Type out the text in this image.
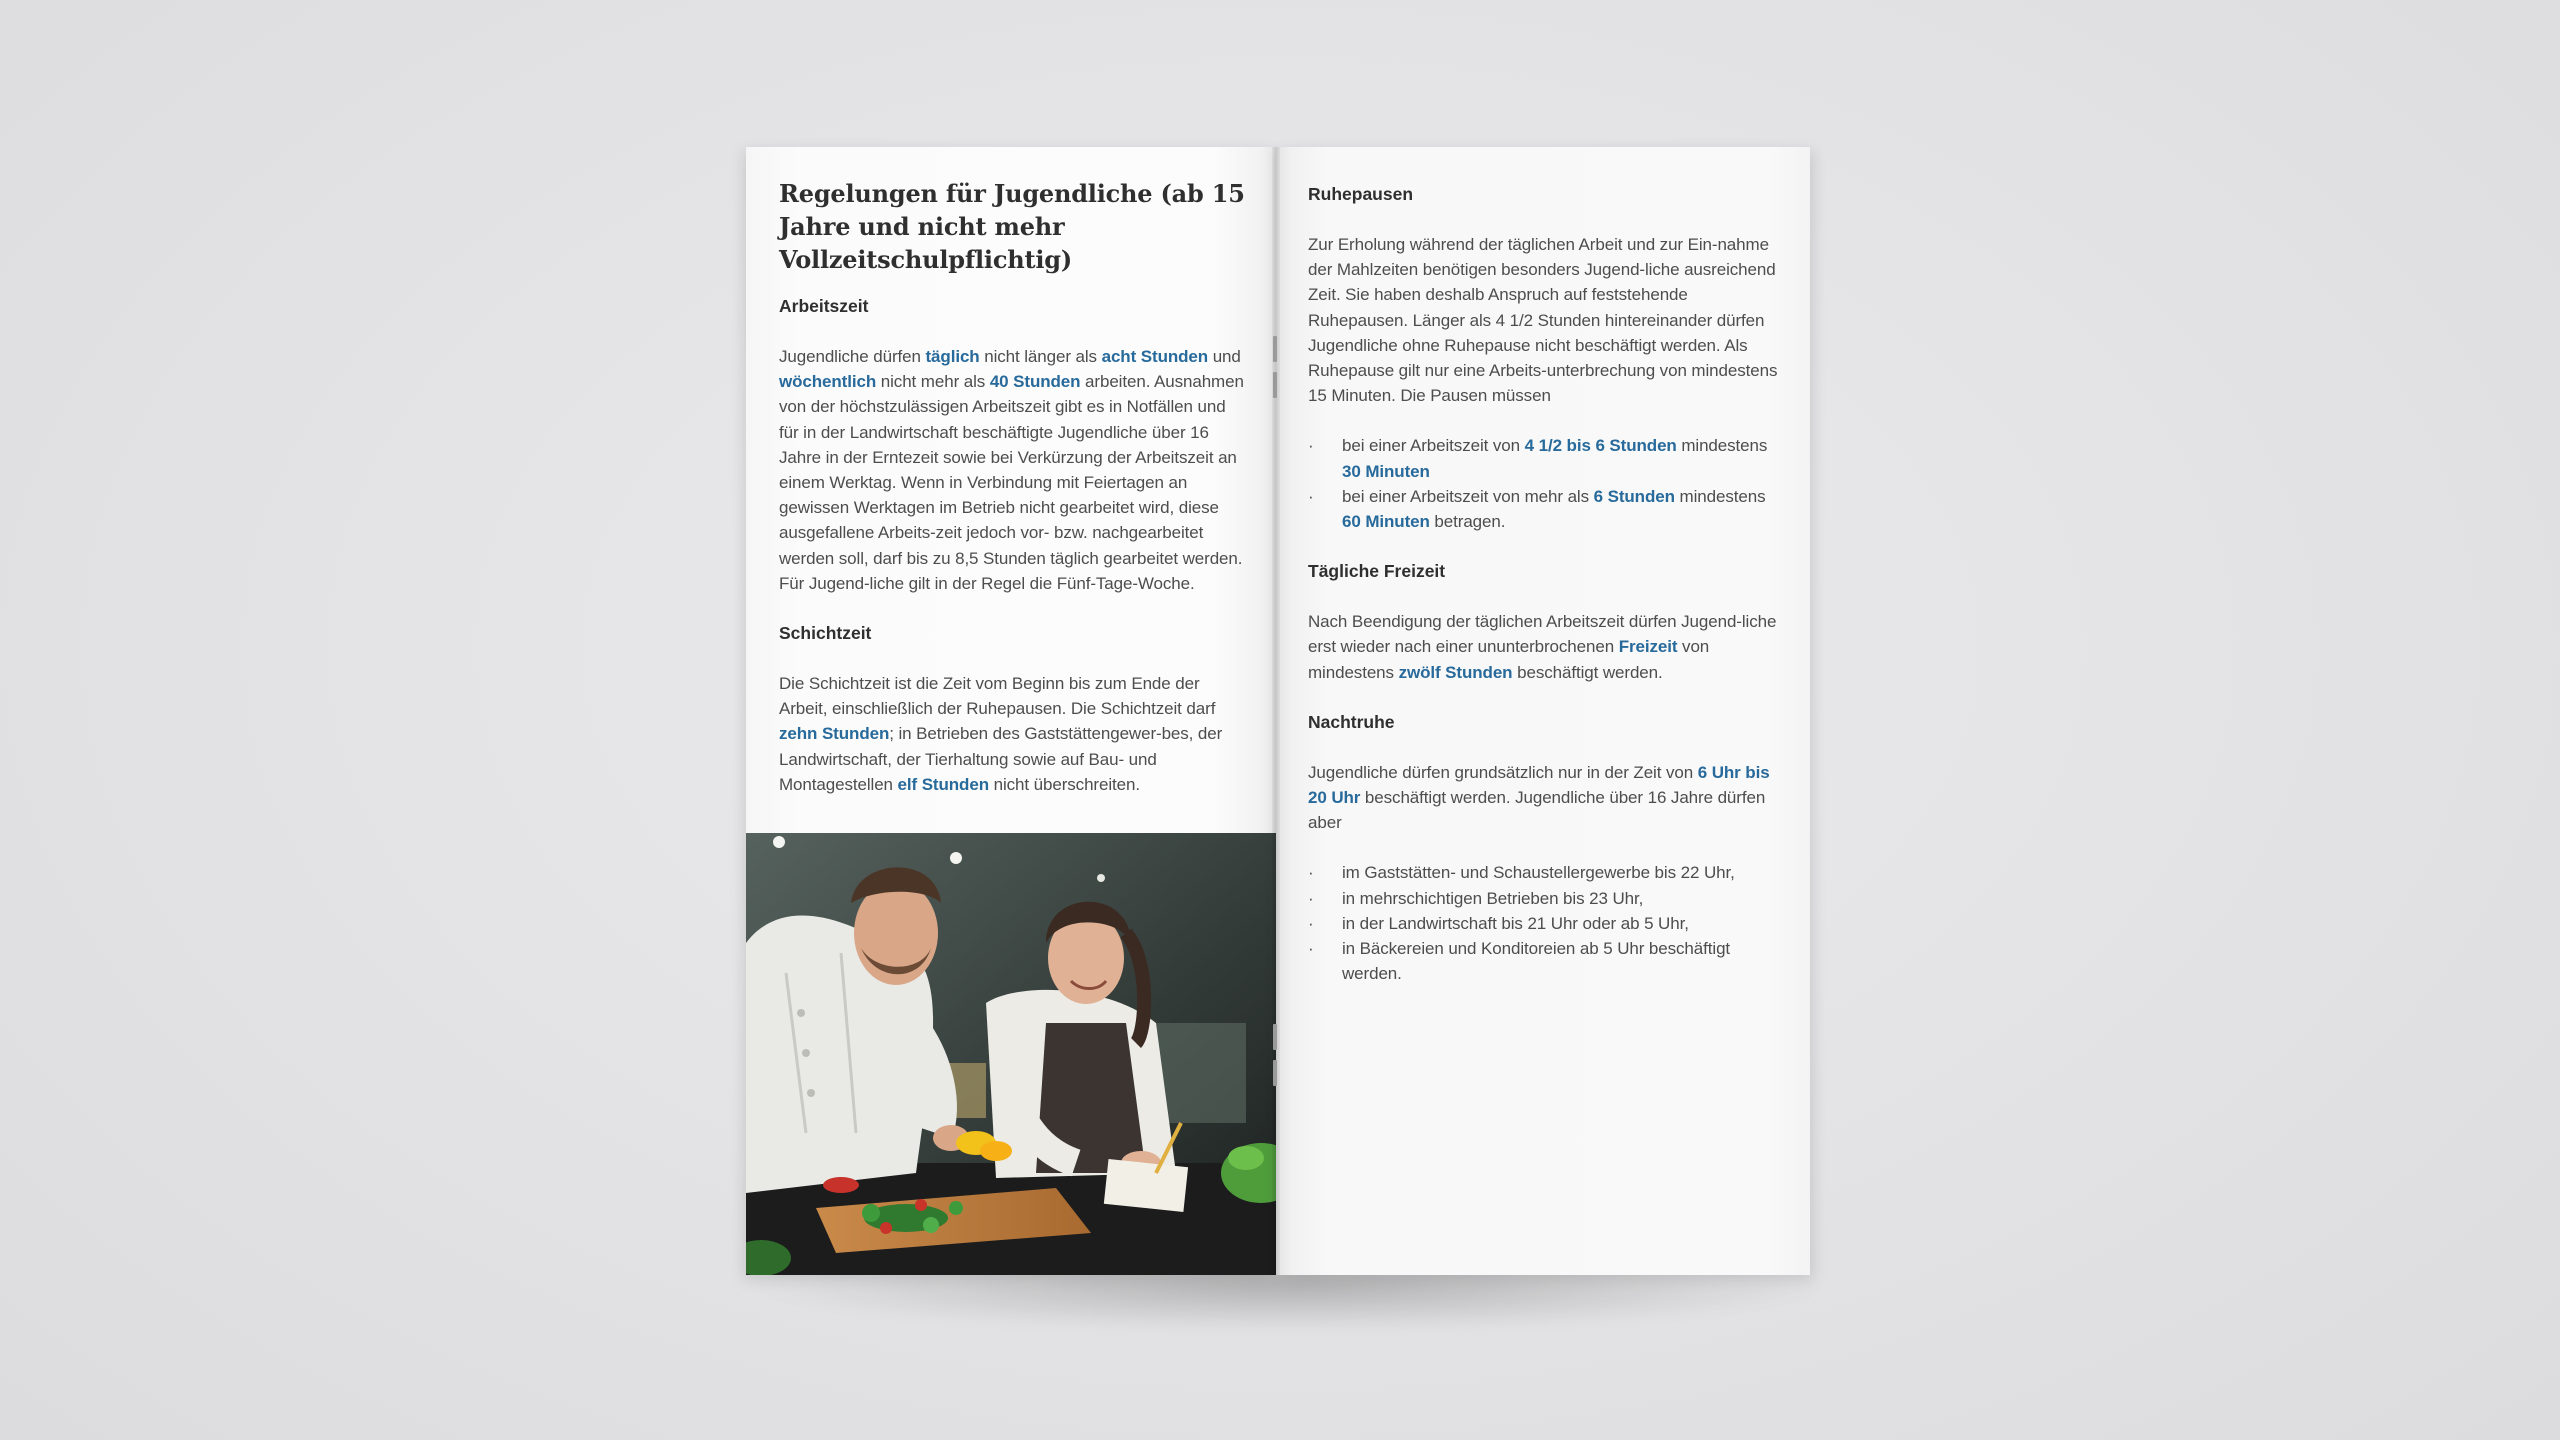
Regelungen für Jugendliche (ab 15 Jahre und nicht mehr Vollzeitschulpflichtig)
Arbeitszeit

Jugendliche dürfen täglich nicht länger als acht Stunden und wöchentlich nicht mehr als 40 Stunden arbeiten. Ausnahmen von der höchstzulässigen Arbeitszeit gibt es in Notfällen und für in der Landwirtschaft beschäftigte Jugendliche über 16 Jahre in der Erntezeit sowie bei Verkürzung der Arbeitszeit an einem Werktag. Wenn in Verbindung mit Feiertagen an gewissen Werktagen im Betrieb nicht gearbeitet wird, diese ausgefallene Arbeits-zeit jedoch vor- bzw. nachgearbeitet werden soll, darf bis zu 8,5 Stunden täglich gearbeitet werden. Für Jugend-liche gilt in der Regel die Fünf-Tage-Woche.

Schichtzeit

Die Schichtzeit ist die Zeit vom Beginn bis zum Ende der Arbeit, einschließlich der Ruhepausen. Die Schichtzeit darf zehn Stunden; in Betrieben des Gaststättengewer-bes, der Landwirtschaft, der Tierhaltung sowie auf Bau- und Montagestellen elf Stunden nicht überschreiten.

Ruhepausen

Zur Erholung während der täglichen Arbeit und zur Ein-nahme der Mahlzeiten benötigen besonders Jugend-liche ausreichend Zeit. Sie haben deshalb Anspruch auf feststehende Ruhepausen. Länger als 4 1/2 Stunden hintereinander dürfen Jugendliche ohne Ruhepause nicht beschäftigt werden. Als Ruhepause gilt nur eine Arbeits-unterbrechung von mindestens 15 Minuten. Die Pausen müssen

· bei einer Arbeitszeit von 4 1/2 bis 6 Stunden mindestens 30 Minuten
· bei einer Arbeitszeit von mehr als 6 Stunden mindestens 60 Minuten betragen.
Tägliche Freizeit

Nach Beendigung der täglichen Arbeitszeit dürfen Jugend-liche erst wieder nach einer ununterbrochenen Freizeit von mindestens zwölf Stunden beschäftigt werden.

Nachtruhe

Jugendliche dürfen grundsätzlich nur in der Zeit von 6 Uhr bis 20 Uhr beschäftigt werden. Jugendliche über 16 Jahre dürfen aber

· im Gaststätten- und Schaustellergewerbe bis 22 Uhr,
· in mehrschichtigen Betrieben bis 23 Uhr,
· in der Landwirtschaft bis 21 Uhr oder ab 5 Uhr,
· in Bäckereien und Konditoreien ab 5 Uhr beschäftigt werden.
